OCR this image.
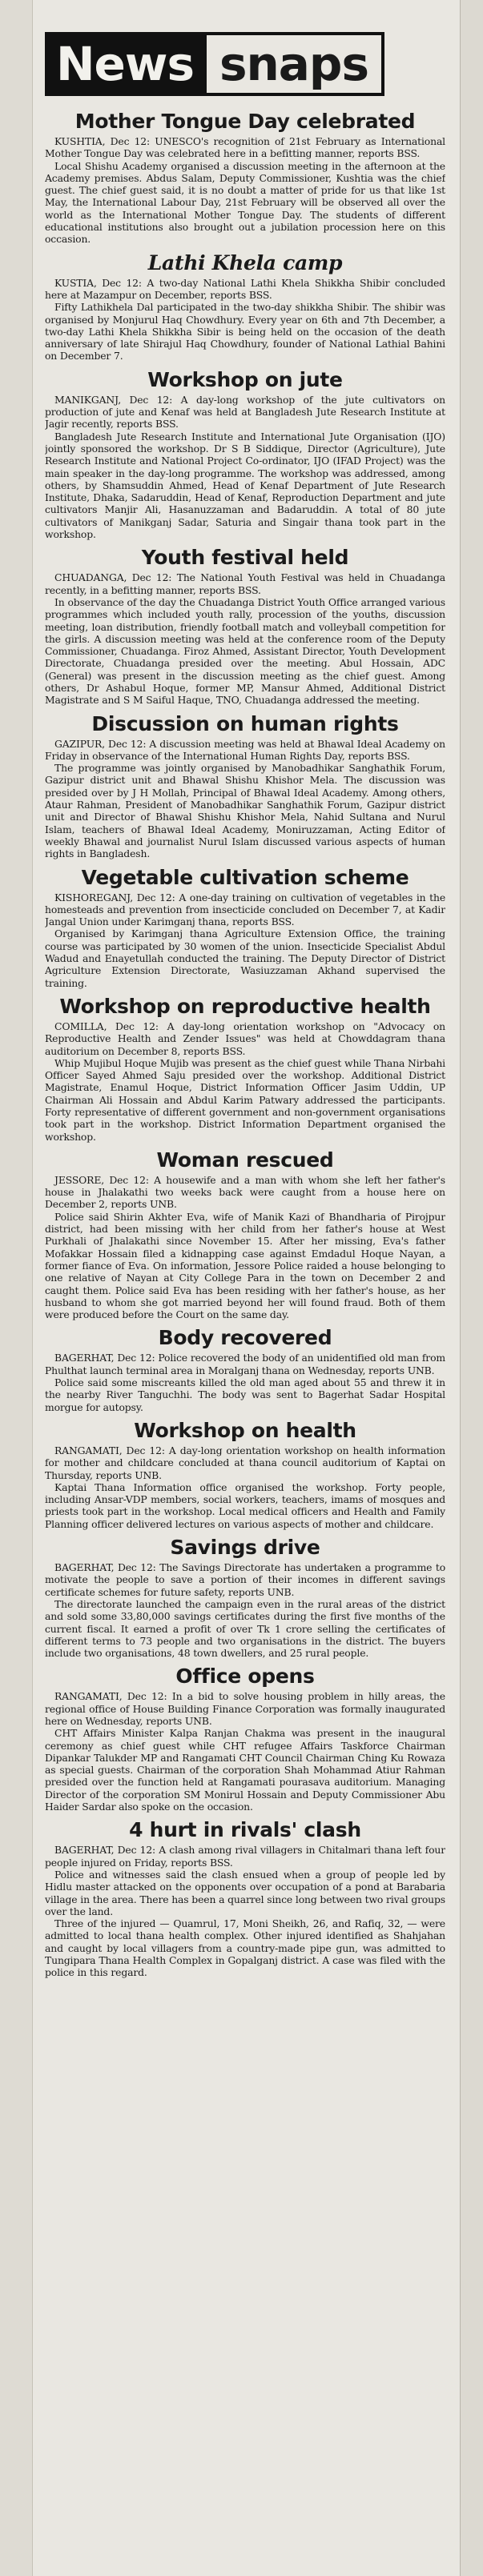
News snaps
Mother Tongue Day celebrated

KUSHTIA, Dec 12: UNESCO's recognition of 21st February as International Mother Tongue Day was celebrated here in a befitting manner, reports BSS.

Local Shishu Academy organised a discussion meeting in the afternoon at the Academy premises. Abdus Salam, Deputy Commissioner, Kushtia was the chief guest. The chief guest said, it is no doubt a matter of pride for us that like 1st May, the International Labour Day, 21st February will be observed all over the world as the International Mother Tongue Day. The students of different educational institutions also brought out a jubilation procession here on this occasion.

Lathi Khela camp

KUSTIA, Dec 12: A two-day National Lathi Khela Shikkha Shibir concluded here at Mazampur on December, reports BSS.

Fifty Lathikhela Dal participated in the two-day shikkha Shibir. The shibir was organised by Monjurul Haq Chowdhury. Every year on 6th and 7th December, a two-day Lathi Khela Shikkha Sibir is being held on the occasion of the death anniversary of late Shirajul Haq Chowdhury, founder of National Lathial Bahini on December 7.

Workshop on jute

MANIKGANJ, Dec 12: A day-long workshop of the jute cultivators on production of jute and Kenaf was held at Bangladesh Jute Research Institute at Jagir recently, reports BSS.

Bangladesh Jute Research Institute and International Jute Organisation (IJO) jointly sponsored the workshop. Dr S B Siddique, Director (Agriculture), Jute Research Institute and National Project Co-ordinator, IJO (IFAD Project) was the main speaker in the day-long programme. The workshop was addressed, among others, by Shamsuddin Ahmed, Head of Kenaf Department of Jute Research Institute, Dhaka, Sadaruddin, Head of Kenaf, Reproduction Department and jute cultivators Manjir Ali, Hasanuzzaman and Badaruddin. A total of 80 jute cultivators of Manikganj Sadar, Saturia and Singair thana took part in the workshop.

Youth festival held

CHUADANGA, Dec 12: The National Youth Festival was held in Chuadanga recently, in a befitting manner, reports BSS.

In observance of the day the Chuadanga District Youth Office arranged various programmes which included youth rally, procession of the youths, discussion meeting, loan distribution, friendly football match and volleyball competition for the girls. A discussion meeting was held at the conference room of the Deputy Commissioner, Chuadanga. Firoz Ahmed, Assistant Director, Youth Development Directorate, Chuadanga presided over the meeting. Abul Hossain, ADC (General) was present in the discussion meeting as the chief guest. Among others, Dr Ashabul Hoque, former MP, Mansur Ahmed, Additional District Magistrate and S M Saiful Haque, TNO, Chuadanga addressed the meeting.

Discussion on human rights

GAZIPUR, Dec 12: A discussion meeting was held at Bhawal Ideal Academy on Friday in observance of the International Human Rights Day, reports BSS.

The programme was jointly organised by Manobadhikar Sanghathik Forum, Gazipur district unit and Bhawal Shishu Khishor Mela. The discussion was presided over by J H Mollah, Principal of Bhawal Ideal Academy. Among others, Ataur Rahman, President of Manobadhikar Sanghathik Forum, Gazipur district unit and Director of Bhawal Shishu Khishor Mela, Nahid Sultana and Nurul Islam, teachers of Bhawal Ideal Academy, Moniruzzaman, Acting Editor of weekly Bhawal and journalist Nurul Islam discussed various aspects of human rights in Bangladesh.

Vegetable cultivation scheme

KISHOREGANJ, Dec 12: A one-day training on cultivation of vegetables in the homesteads and prevention from insecticide concluded on December 7, at Kadir Jangal Union under Karimganj thana, reports BSS.

Organised by Karimganj thana Agriculture Extension Office, the training course was participated by 30 women of the union. Insecticide Specialist Abdul Wadud and Enayetullah conducted the training. The Deputy Director of District Agriculture Extension Directorate, Wasiuzzaman Akhand supervised the training.

Workshop on reproductive health

COMILLA, Dec 12: A day-long orientation workshop on "Advocacy on Reproductive Health and Zender Issues" was held at Chowddagram thana auditorium on December 8, reports BSS.

Whip Mujibul Hoque Mujib was present as the chief guest while Thana Nirbahi Officer Sayed Ahmed Saju presided over the workshop. Additional District Magistrate, Enamul Hoque, District Information Officer Jasim Uddin, UP Chairman Ali Hossain and Abdul Karim Patwary addressed the participants. Forty representative of different government and non-government organisations took part in the workshop. District Information Department organised the workshop.

Woman rescued

JESSORE, Dec 12: A housewife and a man with whom she left her father's house in Jhalakathi two weeks back were caught from a house here on December 2, reports UNB.

Police said Shirin Akhter Eva, wife of Manik Kazi of Bhandharia of Pirojpur district, had been missing with her child from her father's house at West Purkhali of Jhalakathi since November 15. After her missing, Eva's father Mofakkar Hossain filed a kidnapping case against Emdadul Hoque Nayan, a former fiance of Eva. On information, Jessore Police raided a house belonging to one relative of Nayan at City College Para in the town on December 2 and caught them. Police said Eva has been residing with her father's house, as her husband to whom she got married beyond her will found fraud. Both of them were produced before the Court on the same day.

Body recovered

BAGERHAT, Dec 12: Police recovered the body of an unidentified old man from Phulthat launch terminal area in Moralganj thana on Wednesday, reports UNB.

Police said some miscreants killed the old man aged about 55 and threw it in the nearby River Tanguchhi. The body was sent to Bagerhat Sadar Hospital morgue for autopsy.

Workshop on health

RANGAMATI, Dec 12: A day-long orientation workshop on health information for mother and childcare concluded at thana council auditorium of Kaptai on Thursday, reports UNB.

Kaptai Thana Information office organised the workshop. Forty people, including Ansar-VDP members, social workers, teachers, imams of mosques and priests took part in the workshop. Local medical officers and Health and Family Planning officer delivered lectures on various aspects of mother and childcare.

Savings drive

BAGERHAT, Dec 12: The Savings Directorate has undertaken a programme to motivate the people to save a portion of their incomes in different savings certificate schemes for future safety, reports UNB.

The directorate launched the campaign even in the rural areas of the district and sold some 33,80,000 savings certificates during the first five months of the current fiscal. It earned a profit of over Tk 1 crore selling the certificates of different terms to 73 people and two organisations in the district. The buyers include two organisations, 48 town dwellers, and 25 rural people.

Office opens

RANGAMATI, Dec 12: In a bid to solve housing problem in hilly areas, the regional office of House Building Finance Corporation was formally inaugurated here on Wednesday, reports UNB.

CHT Affairs Minister Kalpa Ranjan Chakma was present in the inaugural ceremony as chief guest while CHT refugee Affairs Taskforce Chairman Dipankar Talukder MP and Rangamati CHT Council Chairman Ching Ku Rowaza as special guests. Chairman of the corporation Shah Mohammad Atiur Rahman presided over the function held at Rangamati pourasava auditorium. Managing Director of the corporation SM Monirul Hossain and Deputy Commissioner Abu Haider Sardar also spoke on the occasion.

4 hurt in rivals' clash

BAGERHAT, Dec 12: A clash among rival villagers in Chitalmari thana left four people injured on Friday, reports BSS.

Police and witnesses said the clash ensued when a group of people led by Hidlu master attacked on the opponents over occupation of a pond at Barabaria village in the area. There has been a quarrel since long between two rival groups over the land.

Three of the injured — Quamrul, 17, Moni Sheikh, 26, and Rafiq, 32, — were admitted to local thana health complex. Other injured identified as Shahjahan and caught by local villagers from a country-made pipe gun, was admitted to Tungipara Thana Health Complex in Gopalganj district. A case was filed with the police in this regard.
